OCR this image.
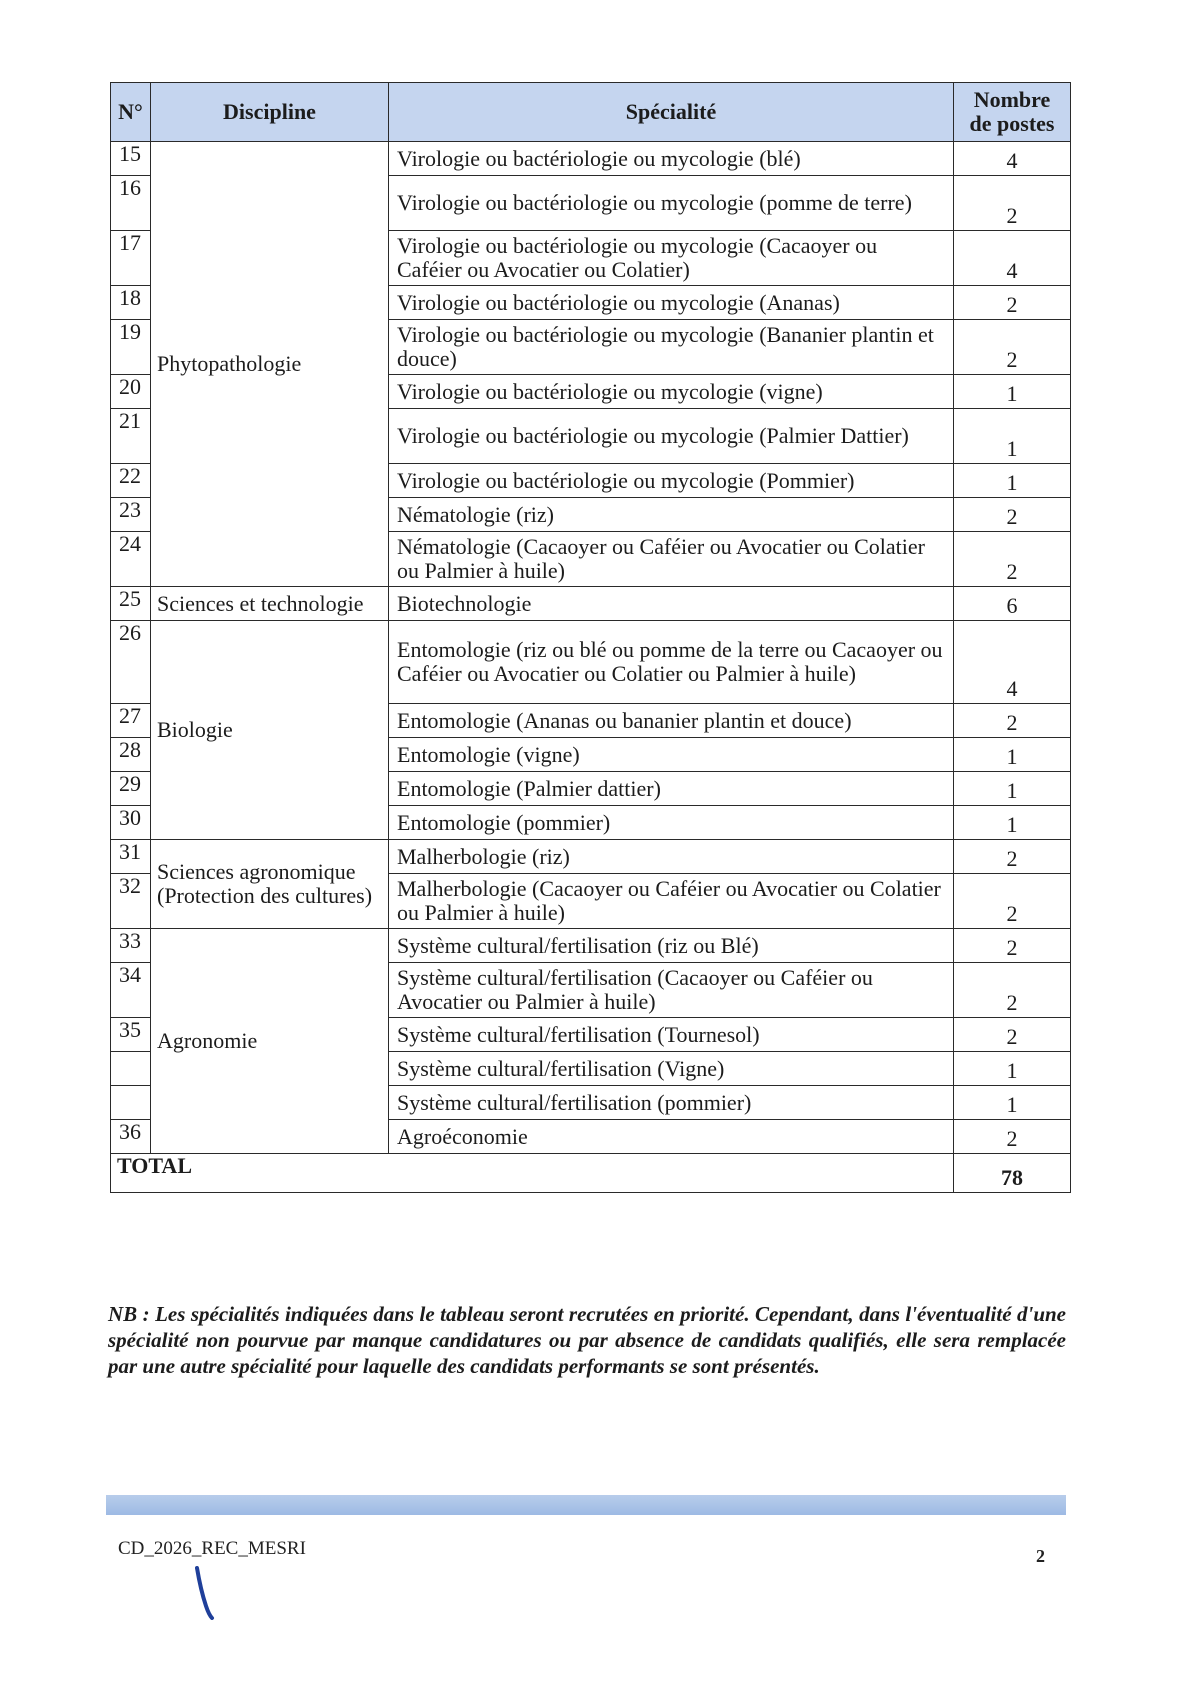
N°	Discipline	Spécialité	Nombre de postes
15	Phytopathologie	Virologie ou bactériologie ou mycologie (blé)	4
16		Virologie ou bactériologie ou mycologie (pomme de terre)	2
17		Virologie ou bactériologie ou mycologie (Cacaoyer ou Caféier ou Avocatier ou Colatier)	4
18		Virologie ou bactériologie ou mycologie (Ananas)	2
19		Virologie ou bactériologie ou mycologie (Bananier plantin et douce)	2
20		Virologie ou bactériologie ou mycologie (vigne)	1
21		Virologie ou bactériologie ou mycologie (Palmier Dattier)	1
22		Virologie ou bactériologie ou mycologie (Pommier)	1
23		Nématologie (riz)	2
24		Nématologie (Cacaoyer ou Caféier ou Avocatier ou Colatier ou Palmier à huile)	2
25	Sciences et technologie	Biotechnologie	6
26	Biologie	Entomologie (riz ou blé ou pomme de la terre ou Cacaoyer ou Caféier ou Avocatier ou Colatier ou Palmier à huile)	4
27		Entomologie (Ananas ou bananier plantin et douce)	2
28		Entomologie (vigne)	1
29		Entomologie (Palmier dattier)	1
30		Entomologie (pommier)	1
31	Sciences agronomique (Protection des cultures)	Malherbologie (riz)	2
32		Malherbologie (Cacaoyer ou Caféier ou Avocatier ou Colatier ou Palmier à huile)	2
33	Agronomie	Système cultural/fertilisation (riz ou Blé)	2
34		Système cultural/fertilisation (Cacaoyer ou Caféier ou Avocatier ou Palmier à huile)	2
35		Système cultural/fertilisation (Tournesol)	2
		Système cultural/fertilisation (Vigne)	1
		Système cultural/fertilisation (pommier)	1
36		Agroéconomie	2
TOTAL			78

NB : Les spécialités indiquées dans le tableau seront recrutées en priorité. Cependant, dans l'éventualité d'une spécialité non pourvue par manque candidatures ou par absence de candidats qualifiés, elle sera remplacée par une autre spécialité pour laquelle des candidats performants se sont présentés.

CD_2026_REC_MESRI	2
